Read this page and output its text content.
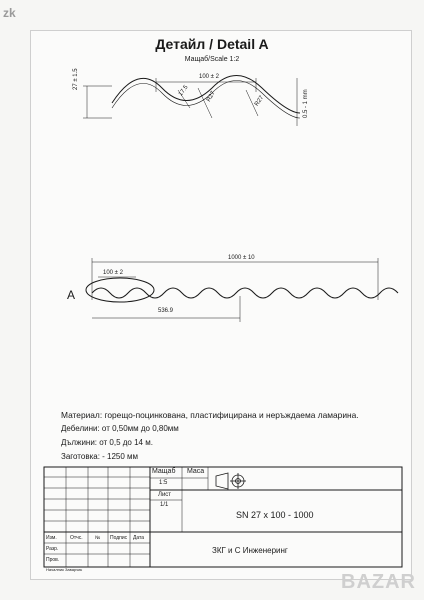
zk
BAZAR
Детайл / Detail A
Мащаб/Scale 1:2
100 ± 2
27 ± 1.5
17.5	R27	R27	0.5 - 1 mm
1000 ± 10
100 ± 2
536.9
A
Материал: горещо-поцинкована, пластифицирана и неръждаема ламарина.
Дебелини: от 0,50мм до 0,80мм
Дължини: от 0,5 до 14 м.
Заготовка: - 1250 мм
Мащаб Маса
1:5
Лист
1/1
SN 27 x 100 - 1000
ЗКГ и С Инженеринг
Изм.	Отчс. № Подпис Дата
Разр.
Пров.
Началник Заварчик
